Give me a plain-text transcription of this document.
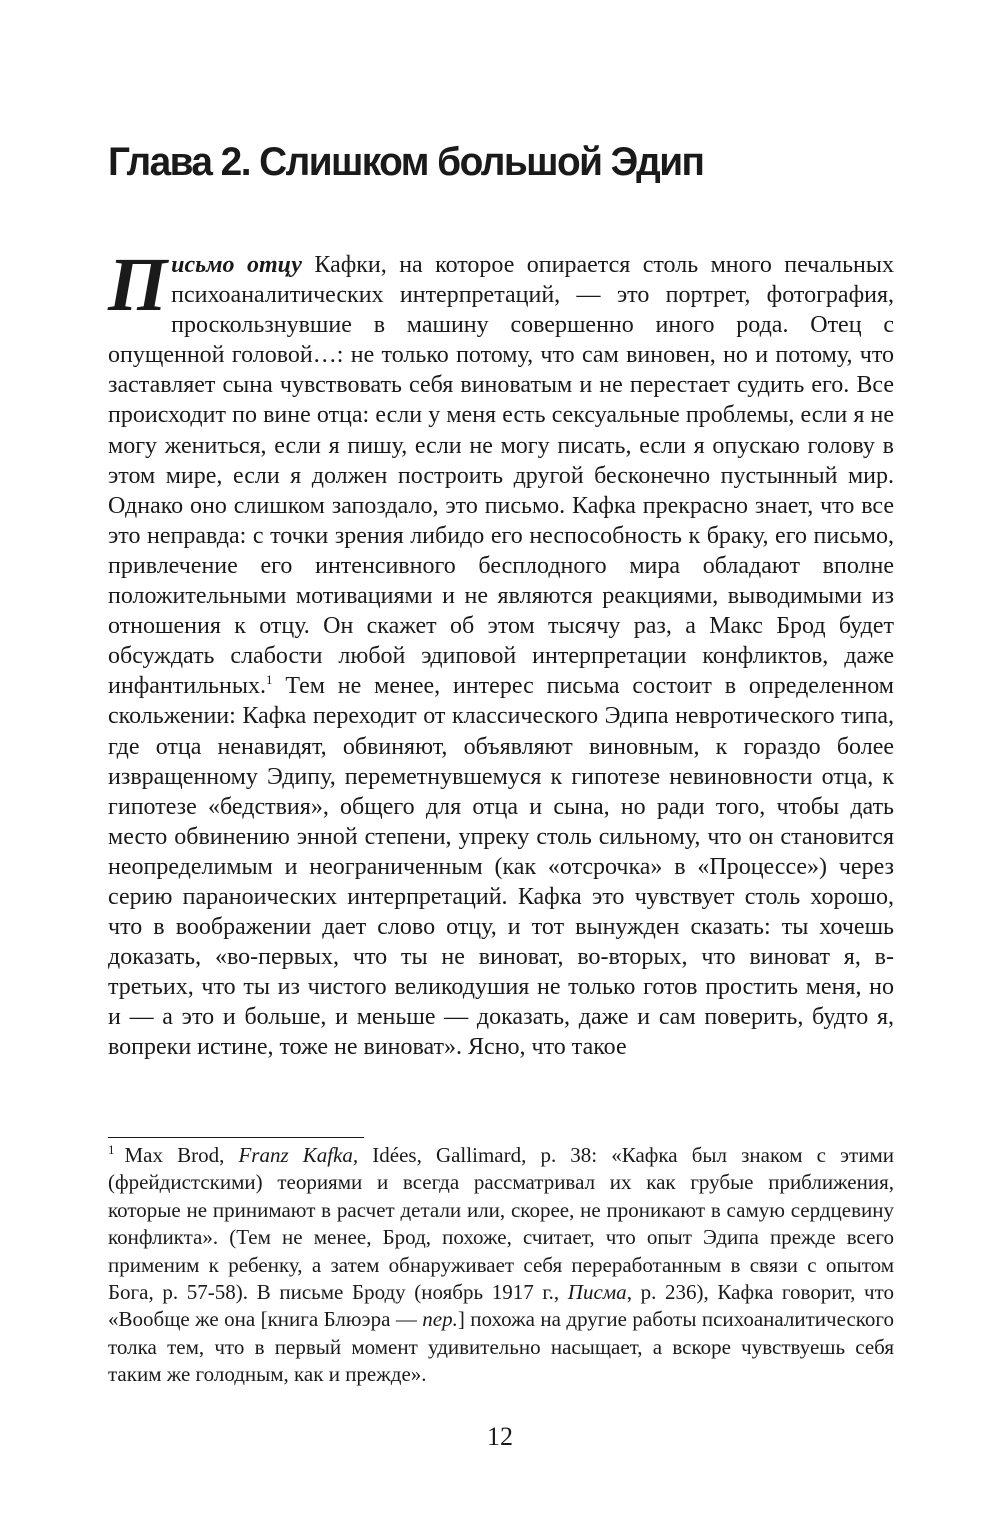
Глава 2. Слишком большой Эдип

Письмо отцу Кафки, на которое опирается столь много печальных психоаналитических интерпретаций, — это портрет, фотография, проскользнувшие в машину совершенно иного рода. Отец с опущенной головой…: не только потому, что сам виновен, но и потому, что заставляет сына чувствовать себя виноватым и не перестает судить его. Все происходит по вине отца: если у меня есть сексуальные проблемы, если я не могу жениться, если я пишу, если не могу писать, если я опускаю голову в этом мире, если я должен построить другой бесконечно пустынный мир. Однако оно слишком запоздало, это письмо. Кафка прекрасно знает, что все это неправда: с точки зрения либидо его неспособность к браку, его письмо, привлечение его интенсивного бесплодного мира обладают вполне положительными мотивациями и не являются реакциями, выводимыми из отношения к отцу. Он скажет об этом тысячу раз, а Макс Брод будет обсуждать слабости любой эдиповой интерпретации конфликтов, даже инфантильных.$^1$ Тем не менее, интерес письма состоит в определенном скольжении: Кафка переходит от классического Эдипа невротического типа, где отца ненавидят, обвиняют, объявляют виновным, к гораздо более извращенному Эдипу, переметнувшемуся к гипотезе невиновности отца, к гипотезе «бедствия», общего для отца и сына, но ради того, чтобы дать место обвинению энной степени, упреку столь сильному, что он становится неопределимым и неограниченным (как «отсрочка» в «Процессе») через серию параноических интерпретаций. Кафка это чувствует столь хорошо, что в воображении дает слово отцу, и тот вынужден сказать: ты хочешь доказать, «во-первых, что ты не виноват, во-вторых, что виноват я, в-третьих, что ты из чистого великодушия не только готов простить меня, но и — а это и больше, и меньше — доказать, даже и сам поверить, будто я, вопреки истине, тоже не виноват». Ясно, что такое

$^1$ Max Brod, Franz Kafka, Idées, Gallimard, p. 38: «Кафка был знаком с этими (фрейдистскими) теориями и всегда рассматривал их как грубые приближения, которые не принимают в расчет детали или, скорее, не проникают в самую сердцевину конфликта». (Тем не менее, Брод, похоже, считает, что опыт Эдипа прежде всего применим к ребенку, а затем обнаруживает себя переработанным в связи с опытом Бога, р. 57-58). В письме Броду (ноябрь 1917 г., Писма, р. 236), Кафка говорит, что «Вообще же она [книга Блюэра — пер.] похожа на другие работы психоаналитического толка тем, что в первый момент удивительно насыщает, а вскоре чувствуешь себя таким же голодным, как и прежде».

12
